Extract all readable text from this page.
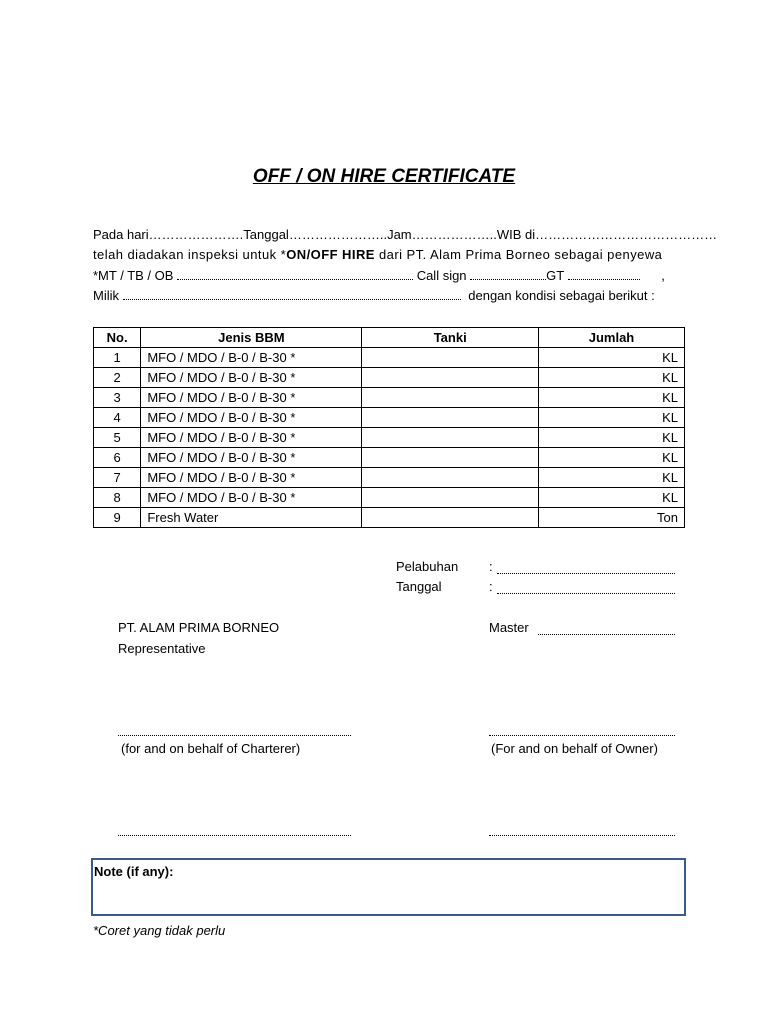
OFF / ON HIRE CERTIFICATE
Pada hari …………………. Tanggal………………….. Jam……………….. WIB di ……………………………………
telah diadakan inspeksi untuk *ON/OFF HIRE dari PT. Alam Prima Borneo sebagai penyewa
*MT / TB / OB	Call sign	GT	,
Milik	dengan kondisi sebagai berikut :
No.	Jenis BBM	Tanki	Jumlah
1	MFO / MDO / B-0 / B-30 *		KL
2	MFO / MDO / B-0 / B-30 *		KL
3	MFO / MDO / B-0 / B-30 *		KL
4	MFO / MDO / B-0 / B-30 *		KL
5	MFO / MDO / B-0 / B-30 *		KL
6	MFO / MDO / B-0 / B-30 *		KL
7	MFO / MDO / B-0 / B-30 *		KL
8	MFO / MDO / B-0 / B-30 *		KL
9	Fresh Water		Ton
Pelabuhan :
Tanggal	:
PT. ALAM PRIMA BORNEO
Representative
Master
(for and on behalf of Charterer)	(For and on behalf of Owner)
Note (if any):
*Coret yang tidak perlu
